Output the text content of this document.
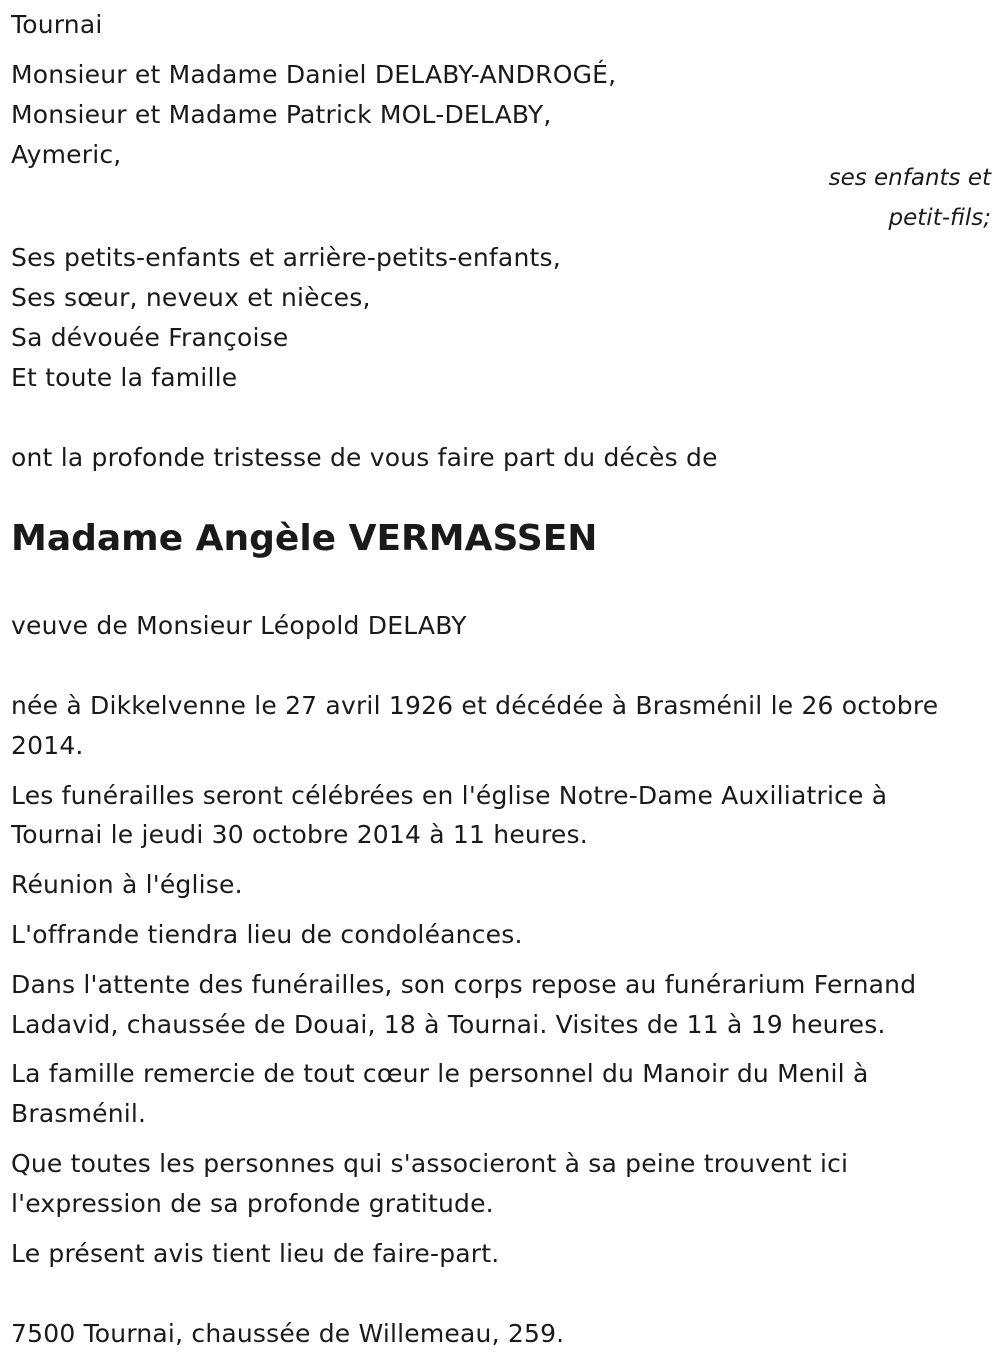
Tournai
Monsieur et Madame Daniel DELABY-ANDROGÉ,
Monsieur et Madame Patrick MOL-DELABY,
Aymeric,
ses enfants et
petit-fils;
Ses petits-enfants et arrière-petits-enfants,
Ses sœur, neveux et nièces,
Sa dévouée Françoise
Et toute la famille
ont la profonde tristesse de vous faire part du décès de
Madame Angèle VERMASSEN
veuve de Monsieur Léopold DELABY
née à Dikkelvenne le 27 avril 1926 et décédée à Brasménil le 26 octobre
2014.
Les funérailles seront célébrées en l'église Notre-Dame Auxiliatrice à
Tournai le jeudi 30 octobre 2014 à 11 heures.
Réunion à l'église.
L'offrande tiendra lieu de condoléances.
Dans l'attente des funérailles, son corps repose au funérarium Fernand
Ladavid, chaussée de Douai, 18 à Tournai. Visites de 11 à 19 heures.
La famille remercie de tout cœur le personnel du Manoir du Menil à
Brasménil.
Que toutes les personnes qui s'associeront à sa peine trouvent ici
l'expression de sa profonde gratitude.
Le présent avis tient lieu de faire-part.
7500 Tournai, chaussée de Willemeau, 259.
